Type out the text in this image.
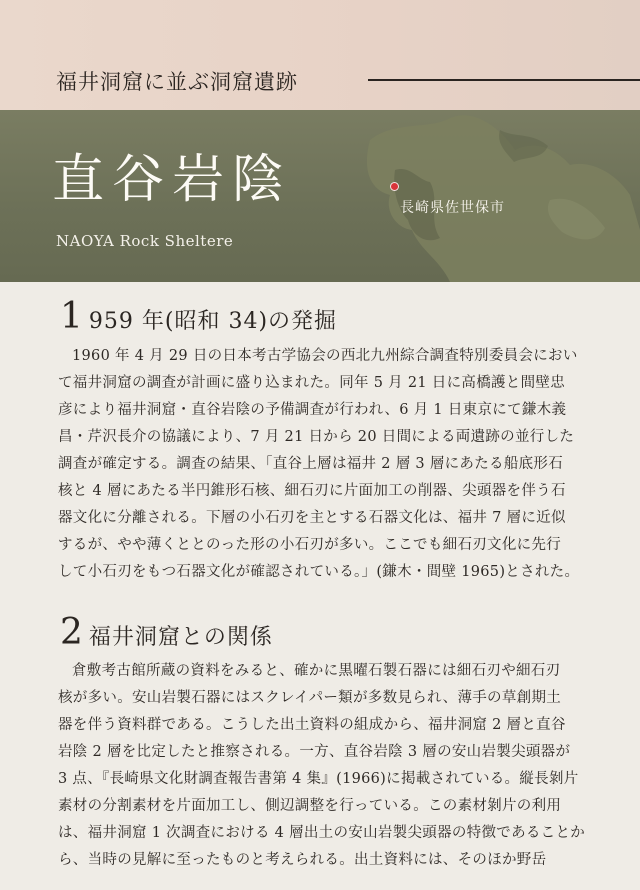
福井洞窟に並ぶ洞窟遺跡
直谷岩陰
NAOYA Rock Sheltere
長崎県佐世保市
1 959 年(昭和 34)の発掘
1960 年 4 月 29 日の日本考古学協会の西北九州綜合調査特別委員会におい
て福井洞窟の調査が計画に盛り込まれた。同年 5 月 21 日に高橋護と間壁忠
彦により福井洞窟・直谷岩陰の予備調査が行われ、6 月 1 日東京にて鎌木義
昌・芹沢長介の協議により、7 月 21 日から 20 日間による両遺跡の並行した
調査が確定する。調査の結果、「直谷上層は福井 2 層 3 層にあたる船底形石
核と 4 層にあたる半円錐形石核、細石刃に片面加工の削器、尖頭器を伴う石
器文化に分離される。下層の小石刃を主とする石器文化は、福井 7 層に近似
するが、やや薄くととのった形の小石刃が多い。ここでも細石刃文化に先行
して小石刃をもつ石器文化が確認されている。」(鎌木・間壁 1965)とされた。
2 福井洞窟との関係
倉敷考古館所蔵の資料をみると、確かに黒曜石製石器には細石刃や細石刃
核が多い。安山岩製石器にはスクレイパー類が多数見られ、薄手の草創期土
器を伴う資料群である。こうした出土資料の組成から、福井洞窟 2 層と直谷
岩陰 2 層を比定したと推察される。一方、直谷岩陰 3 層の安山岩製尖頭器が
3 点、『長崎県文化財調査報告書第 4 集』(1966)に掲載されている。縦長剝片
素材の分割素材を片面加工し、側辺調整を行っている。この素材剝片の利用
は、福井洞窟 1 次調査における 4 層出土の安山岩製尖頭器の特徴であることか
ら、当時の見解に至ったものと考えられる。出土資料には、そのほか野岳
